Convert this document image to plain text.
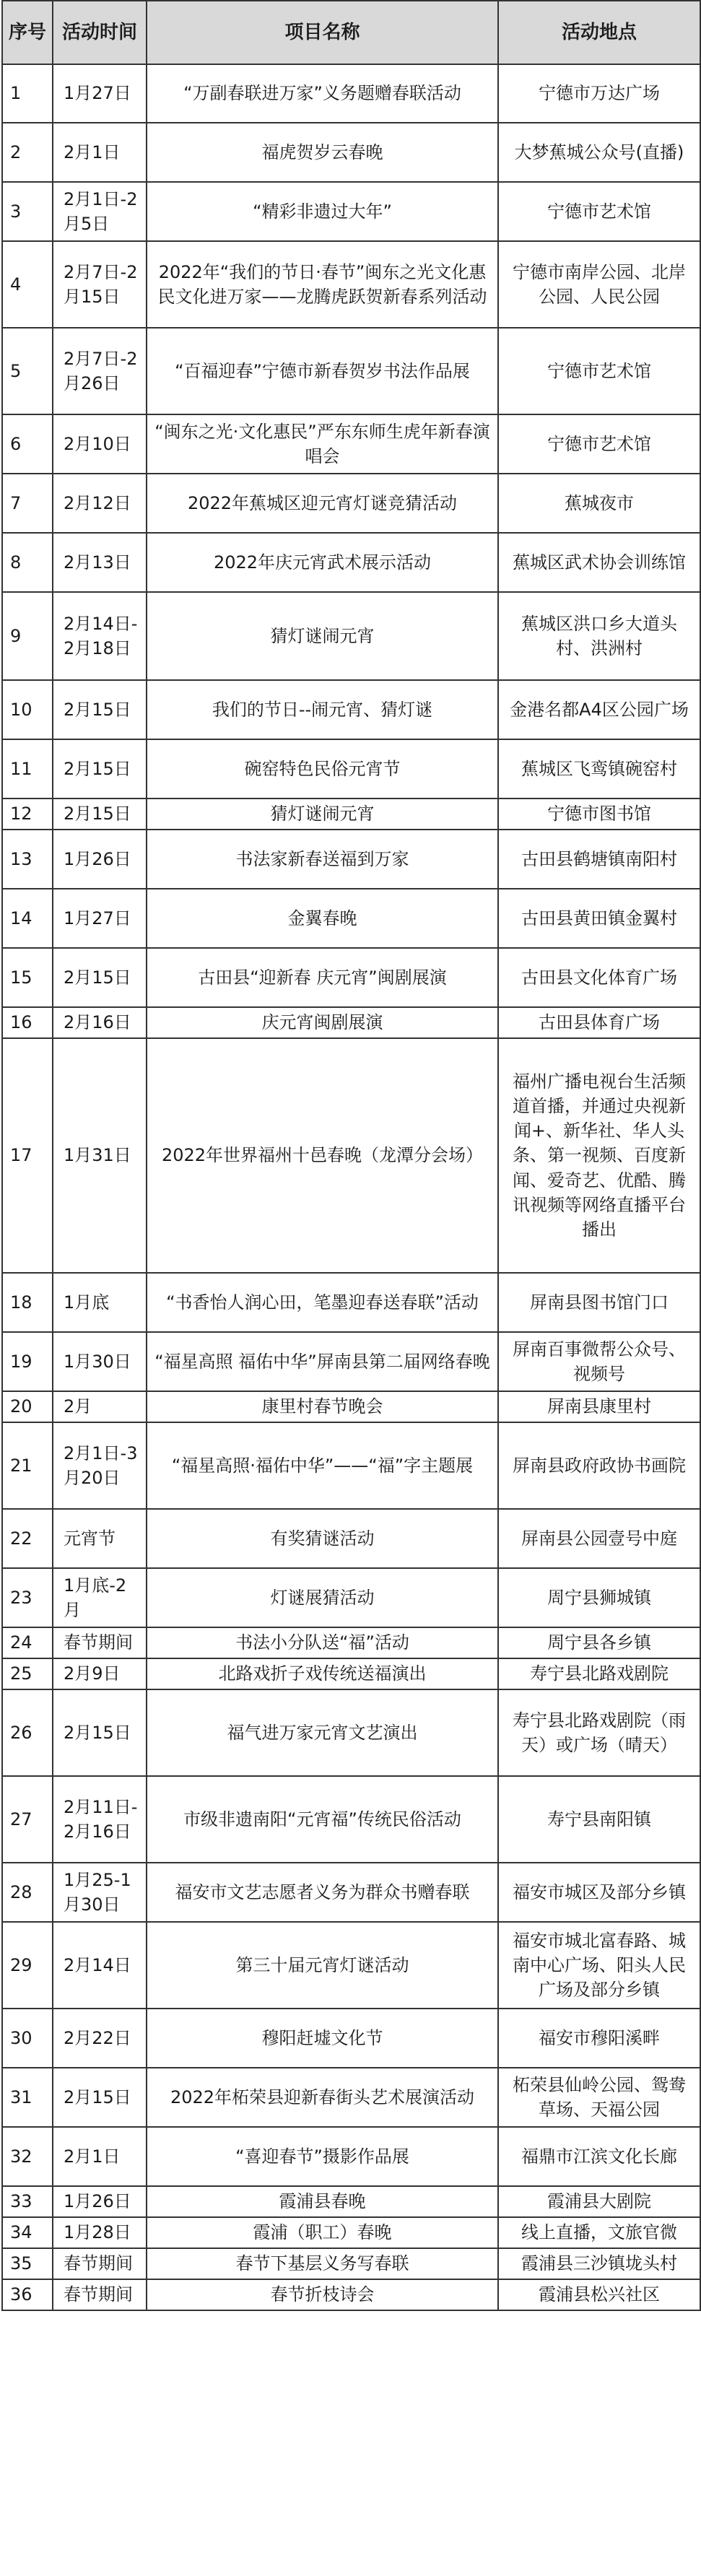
序号	活动时间	项目名称	活动地点
1	1月27日	“万副春联进万家”义务题赠春联活动	宁德市万达广场
2	2月1日	福虎贺岁云春晚	大梦蕉城公众号(直播)
3	2月1日-2月5日	“精彩非遗过大年”	宁德市艺术馆
4	2月7日-2月15日	2022年“我们的节日·春节”闽东之光文化惠民文化进万家——龙腾虎跃贺新春系列活动	宁德市南岸公园、北岸公园、人民公园
5	2月7日-2月26日	“百福迎春”宁德市新春贺岁书法作品展	宁德市艺术馆
6	2月10日	“闽东之光·文化惠民”严东东师生虎年新春演唱会	宁德市艺术馆
7	2月12日	2022年蕉城区迎元宵灯谜竞猜活动	蕉城夜市
8	2月13日	2022年庆元宵武术展示活动	蕉城区武术协会训练馆
9	2月14日-2月18日	猜灯谜闹元宵	蕉城区洪口乡大道头村、洪洲村
10	2月15日	我们的节日--闹元宵、猜灯谜	金港名都A4区公园广场
11	2月15日	碗窑特色民俗元宵节	蕉城区飞鸾镇碗窑村
12	2月15日	猜灯谜闹元宵	宁德市图书馆
13	1月26日	书法家新春送福到万家	古田县鹤塘镇南阳村
14	1月27日	金翼春晚	古田县黄田镇金翼村
15	2月15日	古田县“迎新春 庆元宵”闽剧展演	古田县文化体育广场
16	2月16日	庆元宵闽剧展演	古田县体育广场
17	1月31日	2022年世界福州十邑春晚（龙潭分会场）	福州广播电视台生活频道首播，并通过央视新闻+、新华社、华人头条、第一视频、百度新闻、爱奇艺、优酷、腾讯视频等网络直播平台播出
18	1月底	“书香怡人润心田，笔墨迎春送春联”活动	屏南县图书馆门口
19	1月30日	“福星高照 福佑中华”屏南县第二届网络春晚	屏南百事微帮公众号、视频号
20	2月	康里村春节晚会	屏南县康里村
21	2月1日-3月20日	“福星高照·福佑中华”——“福”字主题展	屏南县政府政协书画院
22	元宵节	有奖猜谜活动	屏南县公园壹号中庭
23	1月底-2月	灯谜展猜活动	周宁县狮城镇
24	春节期间	书法小分队送“福”活动	周宁县各乡镇
25	2月9日	北路戏折子戏传统送福演出	寿宁县北路戏剧院
26	2月15日	福气进万家元宵文艺演出	寿宁县北路戏剧院（雨天）或广场（晴天）
27	2月11日-2月16日	市级非遗南阳“元宵福”传统民俗活动	寿宁县南阳镇
28	1月25-1月30日	福安市文艺志愿者义务为群众书赠春联	福安市城区及部分乡镇
29	2月14日	第三十届元宵灯谜活动	福安市城北富春路、城南中心广场、阳头人民广场及部分乡镇
30	2月22日	穆阳赶墟文化节	福安市穆阳溪畔
31	2月15日	2022年柘荣县迎新春街头艺术展演活动	柘荣县仙岭公园、鸳鸯草场、天福公园
32	2月1日	“喜迎春节”摄影作品展	福鼎市江滨文化长廊
33	1月26日	霞浦县春晚	霞浦县大剧院
34	1月28日	霞浦（职工）春晚	线上直播，文旅官微
35	春节期间	春节下基层义务写春联	霞浦县三沙镇垅头村
36	春节期间	春节折枝诗会	霞浦县松兴社区
